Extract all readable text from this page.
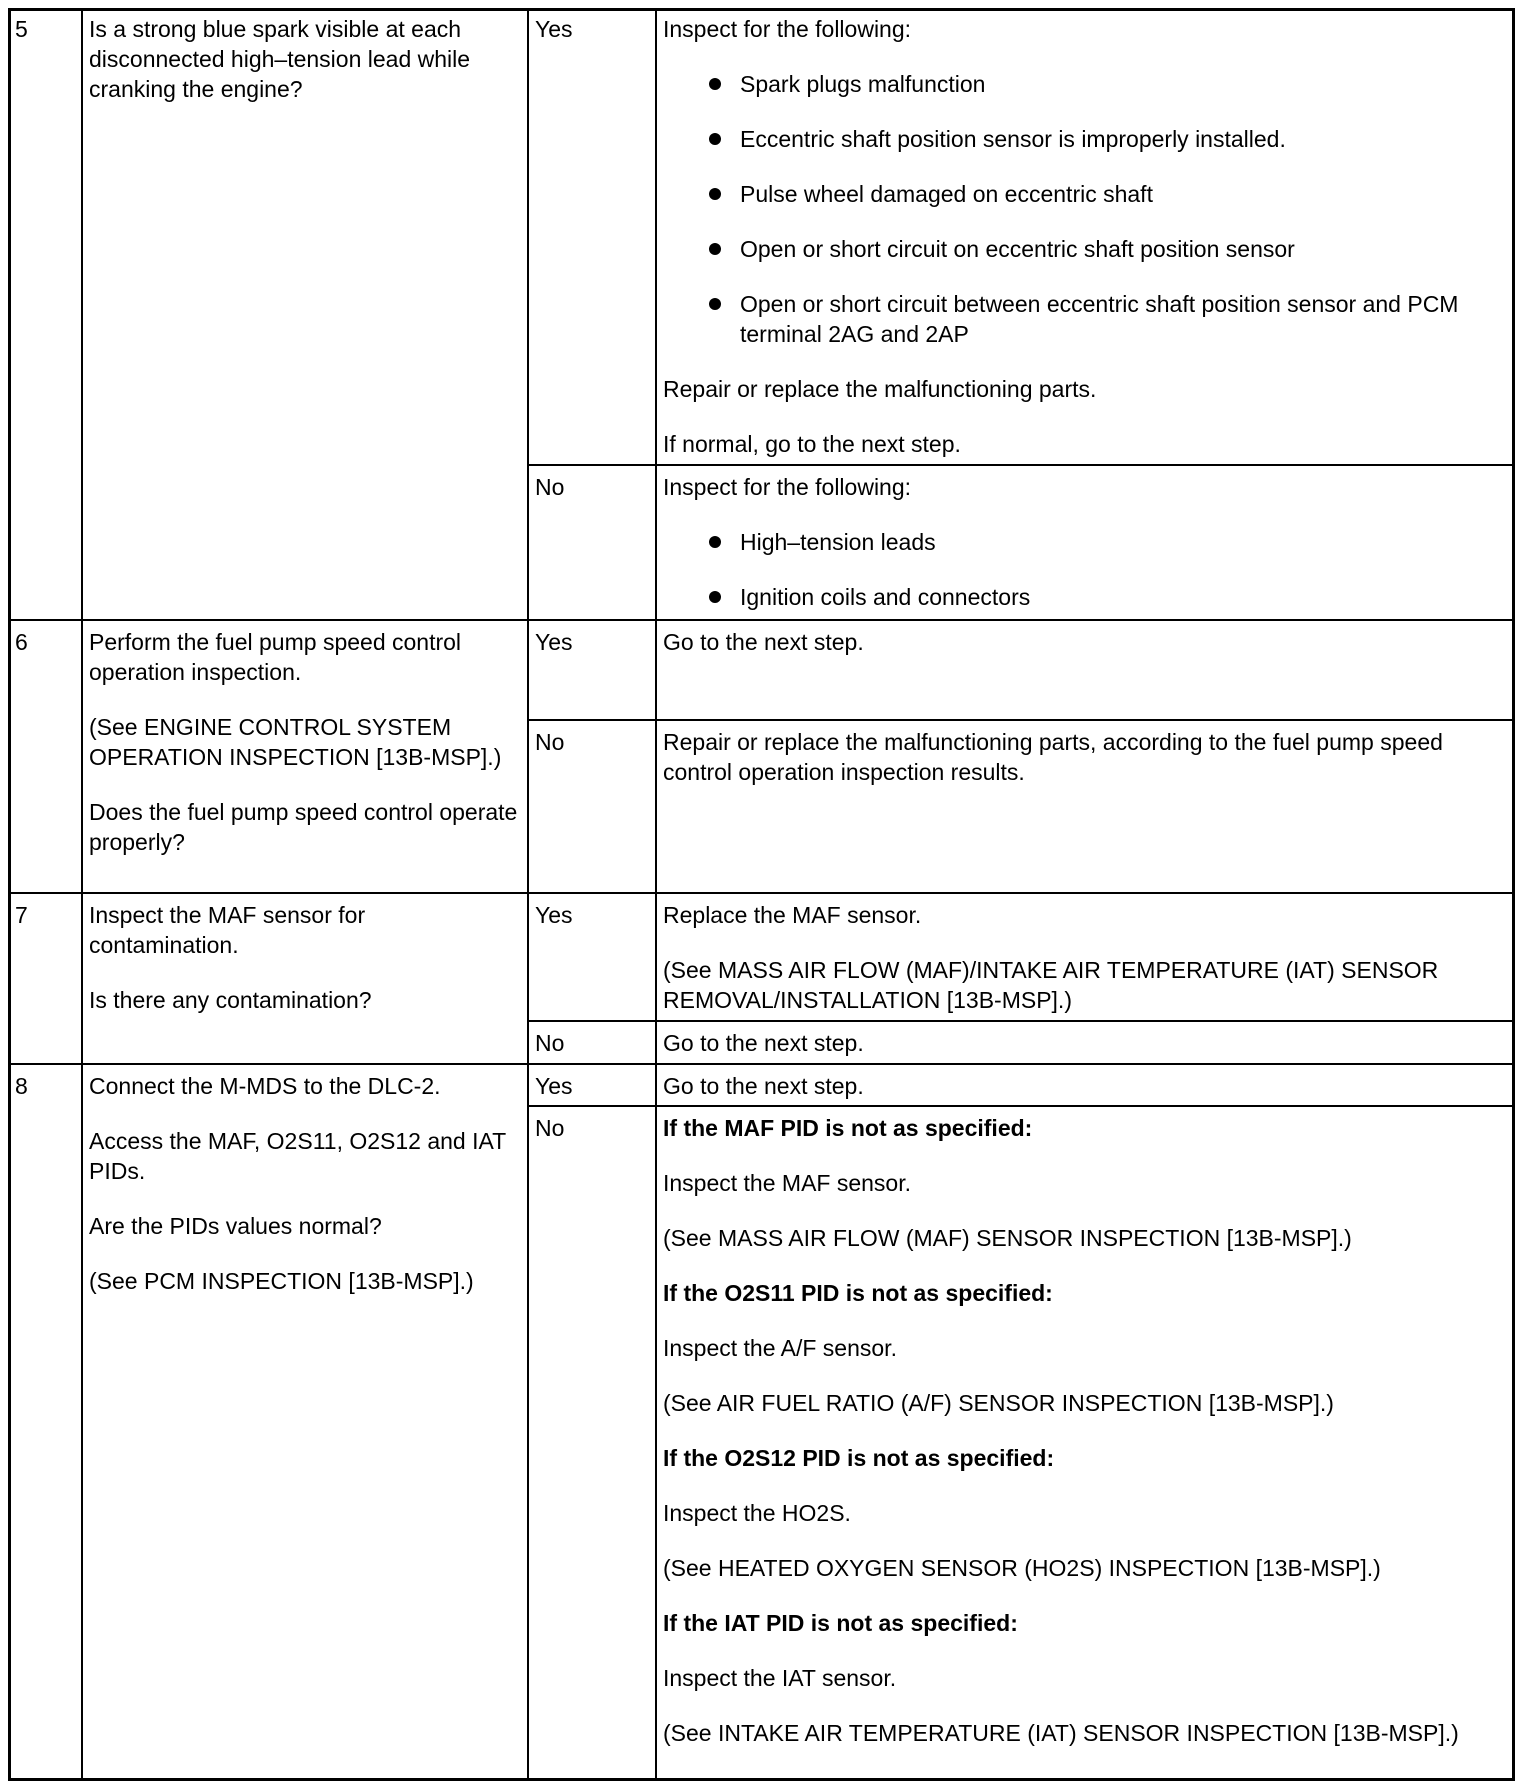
5	Is a strong blue spark visible at each disconnected high–tension lead while cranking the engine?

Yes	Inspect for the following:

Spark plugs malfunction
Eccentric shaft position sensor is improperly installed.
Pulse wheel damaged on eccentric shaft
Open or short circuit on eccentric shaft position sensor
Open or short circuit between eccentric shaft position sensor and PCM terminal 2AG and 2AP

Repair or replace the malfunctioning parts.

If normal, go to the next step.

No	Inspect for the following:

High–tension leads
Ignition coils and connectors
6	Perform the fuel pump speed control operation inspection.

(See ENGINE CONTROL SYSTEM OPERATION INSPECTION [13B-MSP].)

Does the fuel pump speed control operate properly?

Yes	Go to the next step.

No	Repair or replace the malfunctioning parts, according to the fuel pump speed control operation inspection results.

7	Inspect the MAF sensor for contamination.

Is there any contamination?

Yes	Replace the MAF sensor.

(See MASS AIR FLOW (MAF)/INTAKE AIR TEMPERATURE (IAT) SENSOR REMOVAL/INSTALLATION [13B-MSP].)

No	Go to the next step.

8	Connect the M-MDS to the DLC-2.

Access the MAF, O2S11, O2S12 and IAT PIDs.

Are the PIDs values normal?

(See PCM INSPECTION [13B-MSP].)

Yes	Go to the next step.

No	If the MAF PID is not as specified:

Inspect the MAF sensor.

(See MASS AIR FLOW (MAF) SENSOR INSPECTION [13B-MSP].)

If the O2S11 PID is not as specified:

Inspect the A/F sensor.

(See AIR FUEL RATIO (A/F) SENSOR INSPECTION [13B-MSP].)

If the O2S12 PID is not as specified:

Inspect the HO2S.

(See HEATED OXYGEN SENSOR (HO2S) INSPECTION [13B-MSP].)

If the IAT PID is not as specified:

Inspect the IAT sensor.

(See INTAKE AIR TEMPERATURE (IAT) SENSOR INSPECTION [13B-MSP].)
